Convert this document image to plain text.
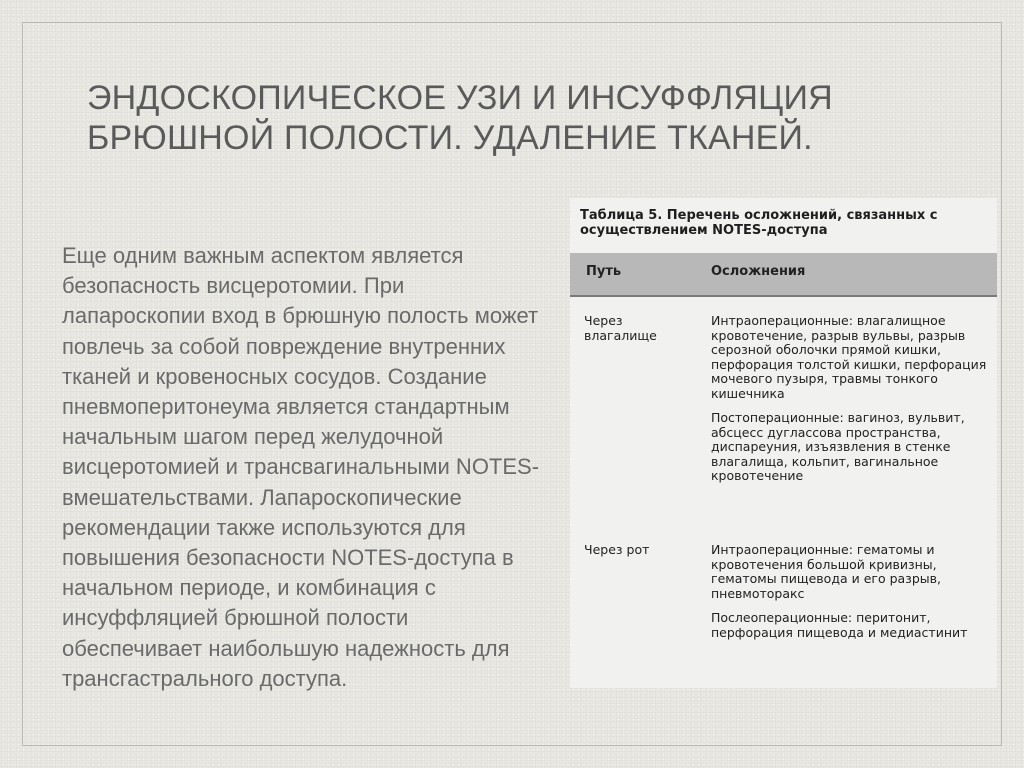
ЭНДОСКОПИЧЕСКОЕ УЗИ И ИНСУФФЛЯЦИЯ БРЮШНОЙ ПОЛОСТИ. УДАЛЕНИЕ ТКАНЕЙ.

Еще одним важным аспектом является безопасность висцеротомии. При лапароскопии вход в брюшную полость может повлечь за собой повреждение внутренних тканей и кровеносных сосудов. Создание пневмоперитонеума является стандартным начальным шагом перед желудочной висцеротомией и трансвагинальными NOTES-вмешательствами. Лапароскопические рекомендации также используются для повышения безопасности NOTES-доступа в начальном периоде, и комбинация с инсуффляцией брюшной полости обеспечивает наибольшую надежность для трансгастрального доступа.

Таблица 5. Перечень осложнений, связанных с осуществлением NOTES-доступа

Путь	Осложнения
Через влагалище

Интраоперационные: влагалищное кровотечение, разрыв вульвы, разрыв серозной оболочки прямой кишки, перфорация толстой кишки, перфорация мочевого пузыря, травмы тонкого кишечника

Постоперационные: вагиноз, вульвит, абсцесс дугласcова пространства, диспареуния, изъязвления в стенке влагалища, кольпит, вагинальное кровотечение

Через рот	Интраоперационные: гематомы и кровотечения большой кривизны, гематомы пищевода и его разрыв, пневмоторакс

Послеоперационные: перитонит, перфорация пищевода и медиастинит
